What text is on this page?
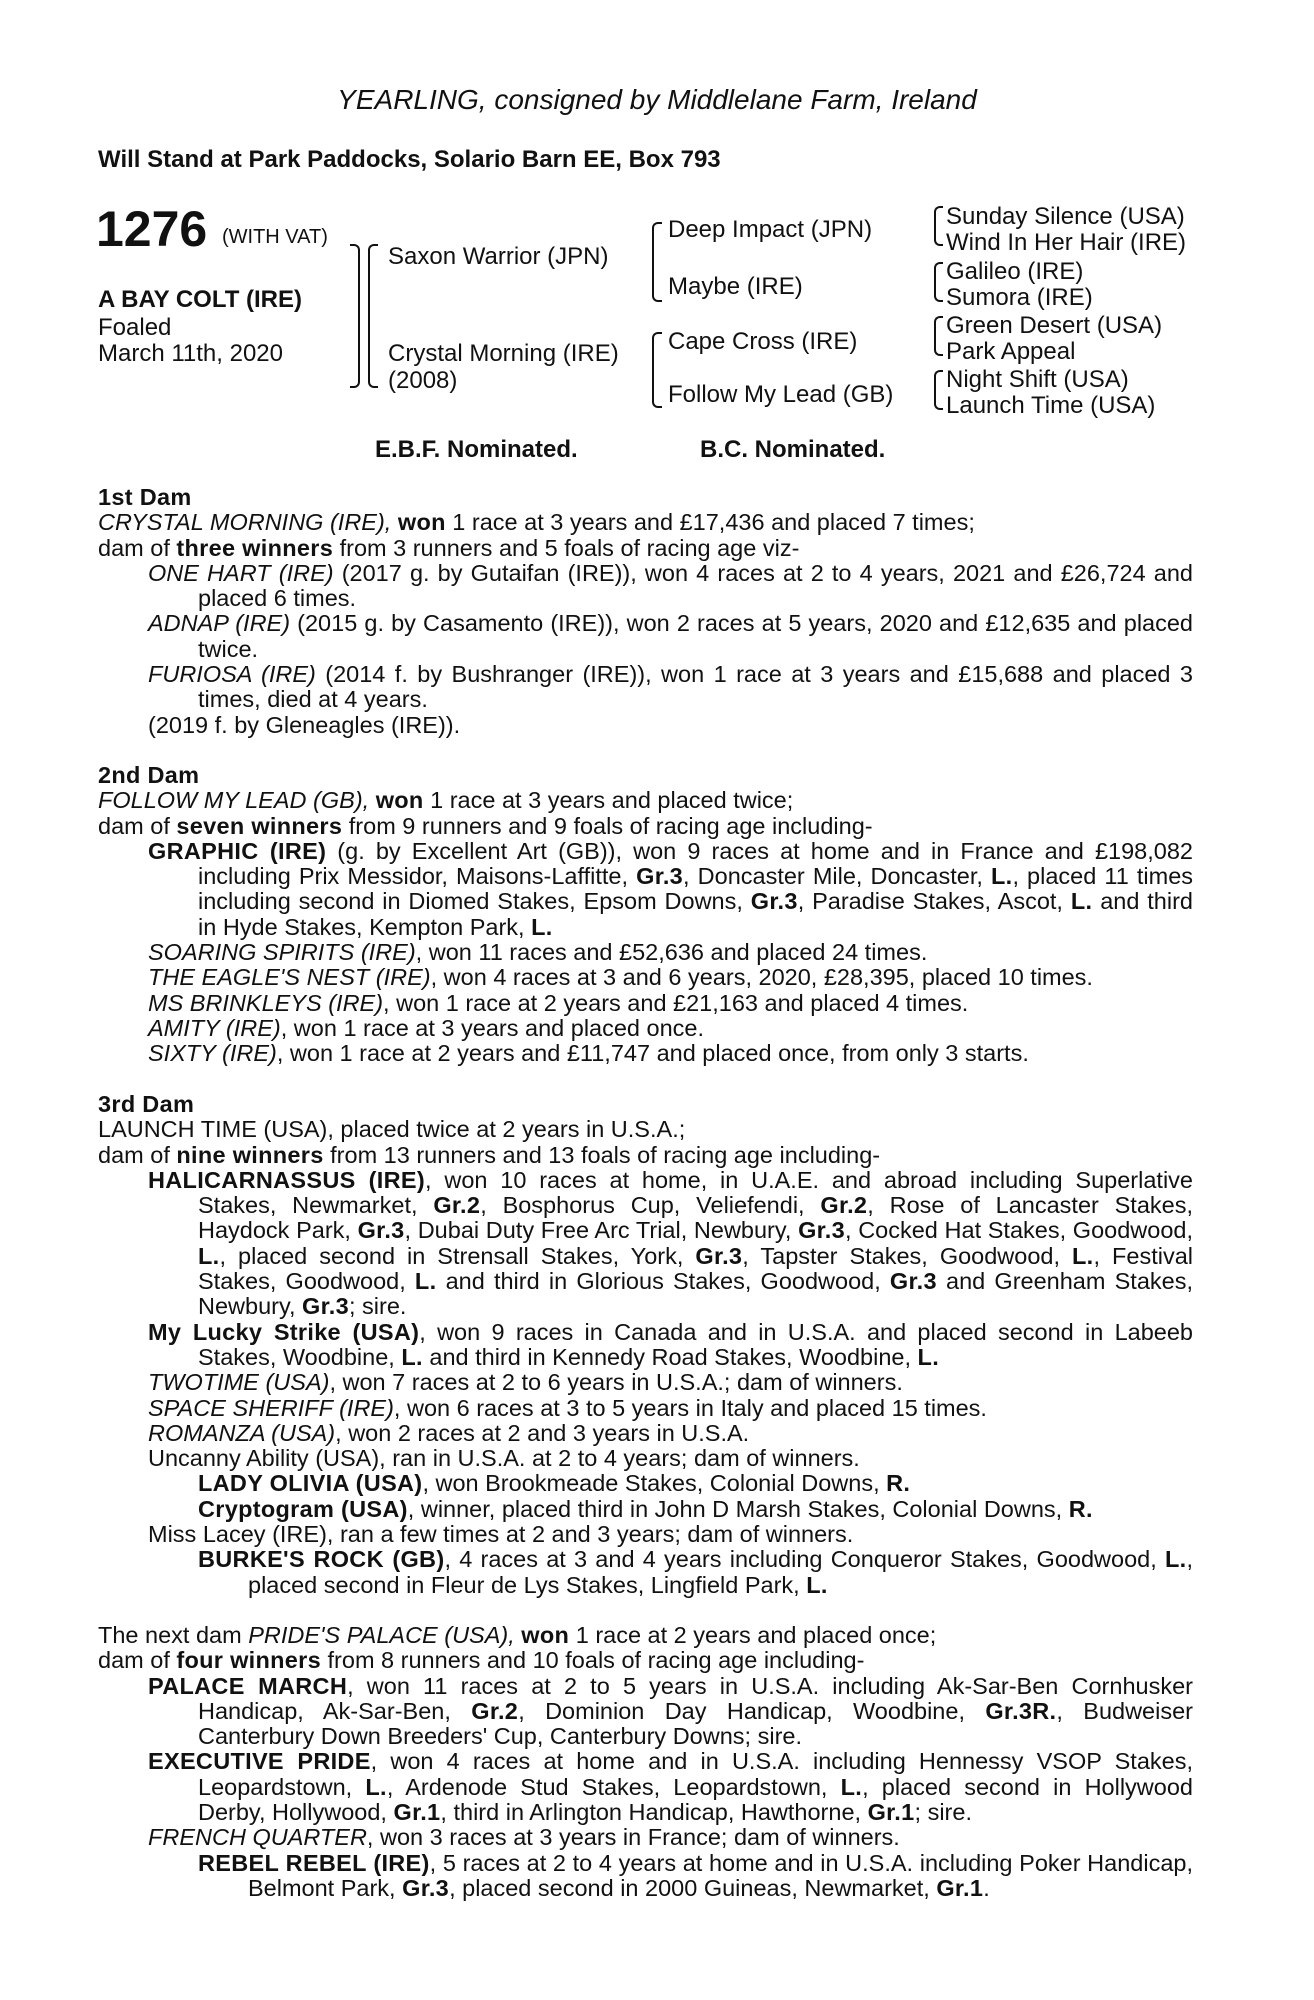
YEARLING, consigned by Middlelane Farm, Ireland
Will Stand at Park Paddocks, Solario Barn EE, Box 793
1276 (WITH VAT)
A BAY COLT (IRE)
Foaled
March 11th, 2020
Saxon Warrior (JPN)
Crystal Morning (IRE)
(2008)
Deep Impact (JPN)
Maybe (IRE)
Cape Cross (IRE)
Follow My Lead (GB)
Sunday Silence (USA)
Wind In Her Hair (IRE)
Galileo (IRE)
Sumora (IRE)
Green Desert (USA)
Park Appeal
Night Shift (USA)
Launch Time (USA)
E.B.F. Nominated.	B.C. Nominated.

1st Dam

CRYSTAL MORNING (IRE), won 1 race at 3 years and £17,436 and placed 7 times;

dam of three winners from 3 runners and 5 foals of racing age viz-

ONE HART (IRE) (2017 g. by Gutaifan (IRE)), won 4 races at 2 to 4 years, 2021 and £26,724 and placed 6 times.

ADNAP (IRE) (2015 g. by Casamento (IRE)), won 2 races at 5 years, 2020 and £12,635 and placed twice.

FURIOSA (IRE) (2014 f. by Bushranger (IRE)), won 1 race at 3 years and £15,688 and placed 3 times, died at 4 years.

(2019 f. by Gleneagles (IRE)).

2nd Dam

FOLLOW MY LEAD (GB), won 1 race at 3 years and placed twice;

dam of seven winners from 9 runners and 9 foals of racing age including-

GRAPHIC (IRE) (g. by Excellent Art (GB)), won 9 races at home and in France and £198,082 including Prix Messidor, Maisons-Laffitte, Gr.3, Doncaster Mile, Doncaster, L., placed 11 times including second in Diomed Stakes, Epsom Downs, Gr.3, Paradise Stakes, Ascot, L. and third in Hyde Stakes, Kempton Park, L.

SOARING SPIRITS (IRE), won 11 races and £52,636 and placed 24 times.

THE EAGLE'S NEST (IRE), won 4 races at 3 and 6 years, 2020, £28,395, placed 10 times.

MS BRINKLEYS (IRE), won 1 race at 2 years and £21,163 and placed 4 times.

AMITY (IRE), won 1 race at 3 years and placed once.

SIXTY (IRE), won 1 race at 2 years and £11,747 and placed once, from only 3 starts.

3rd Dam

LAUNCH TIME (USA), placed twice at 2 years in U.S.A.;

dam of nine winners from 13 runners and 13 foals of racing age including-

HALICARNASSUS (IRE), won 10 races at home, in U.A.E. and abroad including Superlative Stakes, Newmarket, Gr.2, Bosphorus Cup, Veliefendi, Gr.2, Rose of Lancaster Stakes, Haydock Park, Gr.3, Dubai Duty Free Arc Trial, Newbury, Gr.3, Cocked Hat Stakes, Goodwood, L., placed second in Strensall Stakes, York, Gr.3, Tapster Stakes, Goodwood, L., Festival Stakes, Goodwood, L. and third in Glorious Stakes, Goodwood, Gr.3 and Greenham Stakes, Newbury, Gr.3; sire.

My Lucky Strike (USA), won 9 races in Canada and in U.S.A. and placed second in Labeeb Stakes, Woodbine, L. and third in Kennedy Road Stakes, Woodbine, L.

TWOTIME (USA), won 7 races at 2 to 6 years in U.S.A.; dam of winners.

SPACE SHERIFF (IRE), won 6 races at 3 to 5 years in Italy and placed 15 times.

ROMANZA (USA), won 2 races at 2 and 3 years in U.S.A.

Uncanny Ability (USA), ran in U.S.A. at 2 to 4 years; dam of winners.

LADY OLIVIA (USA), won Brookmeade Stakes, Colonial Downs, R.

Cryptogram (USA), winner, placed third in John D Marsh Stakes, Colonial Downs, R.

Miss Lacey (IRE), ran a few times at 2 and 3 years; dam of winners.

BURKE'S ROCK (GB), 4 races at 3 and 4 years including Conqueror Stakes, Goodwood, L., placed second in Fleur de Lys Stakes, Lingfield Park, L.

The next dam PRIDE'S PALACE (USA), won 1 race at 2 years and placed once;

dam of four winners from 8 runners and 10 foals of racing age including-

PALACE MARCH, won 11 races at 2 to 5 years in U.S.A. including Ak-Sar-Ben Cornhusker Handicap, Ak-Sar-Ben, Gr.2, Dominion Day Handicap, Woodbine, Gr.3R., Budweiser Canterbury Down Breeders' Cup, Canterbury Downs; sire.

EXECUTIVE PRIDE, won 4 races at home and in U.S.A. including Hennessy VSOP Stakes, Leopardstown, L., Ardenode Stud Stakes, Leopardstown, L., placed second in Hollywood Derby, Hollywood, Gr.1, third in Arlington Handicap, Hawthorne, Gr.1; sire.

FRENCH QUARTER, won 3 races at 3 years in France; dam of winners.

REBEL REBEL (IRE), 5 races at 2 to 4 years at home and in U.S.A. including Poker Handicap, Belmont Park, Gr.3, placed second in 2000 Guineas, Newmarket, Gr.1.
